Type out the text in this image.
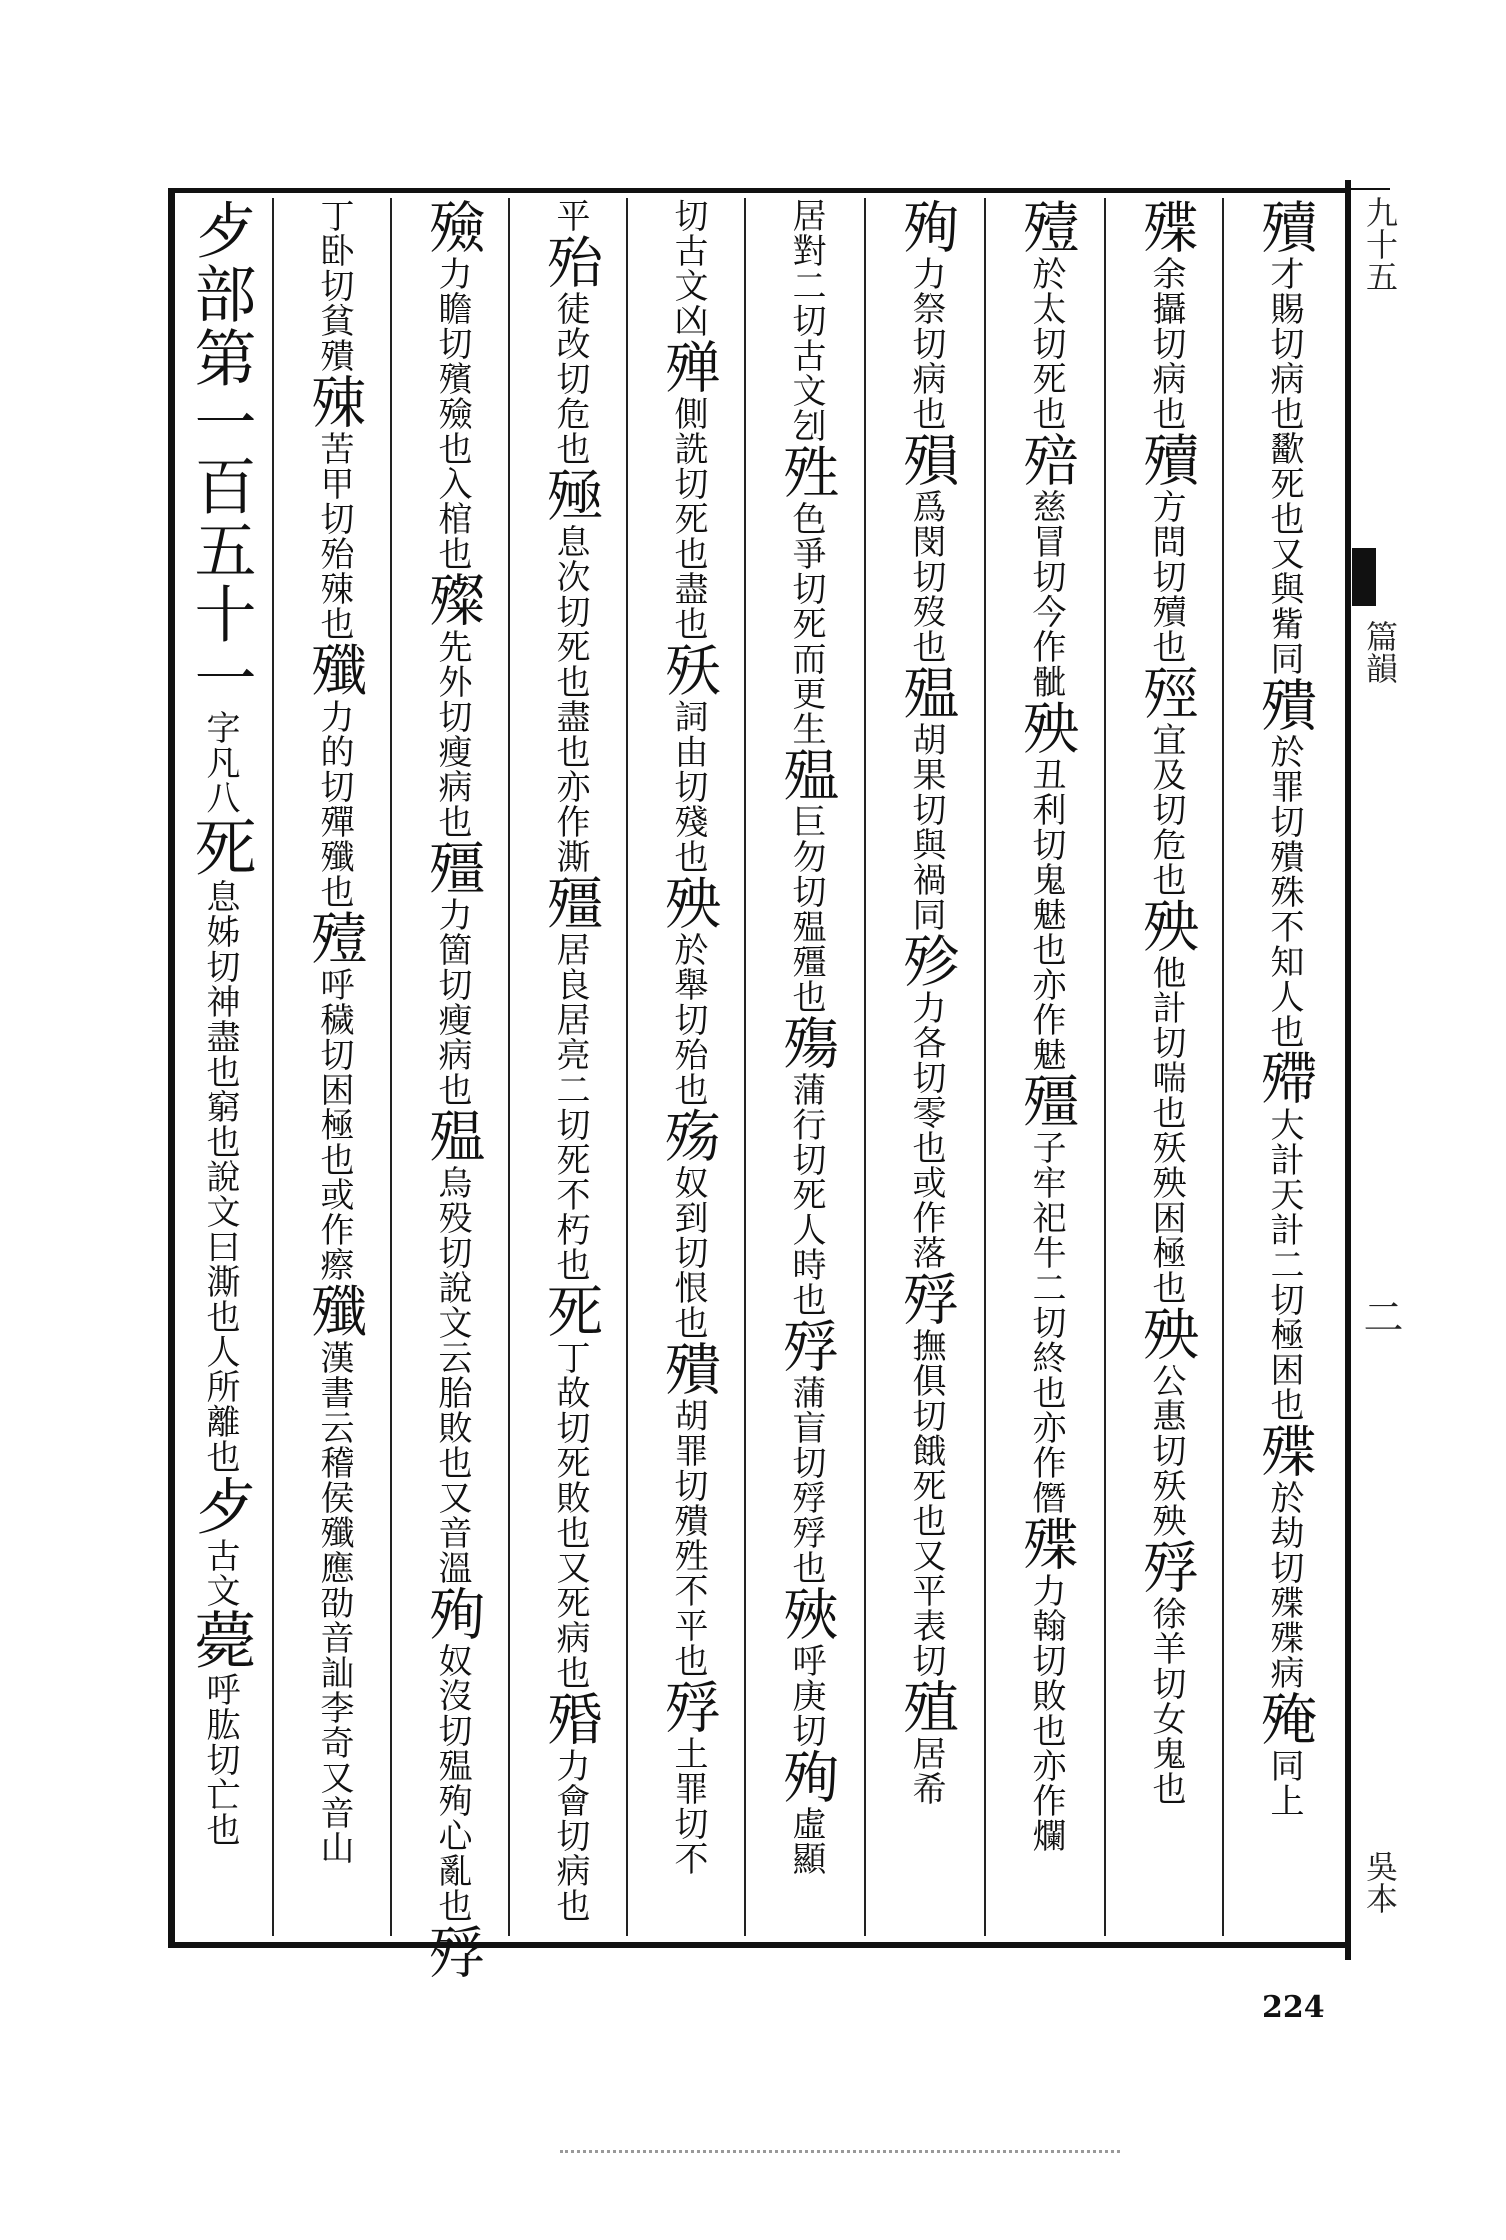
九十五
篇韻
二
吳本
殰才賜切病也歠死也又與觜同殨於罪切殨殊不知人也殢大計天計二切極困也殜於劫切殜殜病殗同上
殜余攝切病也殰方問切殰也殌宜及切危也殃他計切喘也殀殃困極也殃公惠切殀殃殍徐羊切女鬼也
殪於太切死也殕慈冒切今作骴殃丑利切鬼魅也亦作魅殭子牢祀牛二切終也亦作僭殜力翰切敗也亦作爛
殉力祭切病也殞爲閔切歿也殟胡果切與禍同殄力各切零也或作落殍撫俱切餓死也又平表切殖居希
居對二切古文刉殅色爭切死而更生殟巨勿切殟殭也殤蒲行切死人時也殍蒲盲切殍殍也殎呼庚切殉虛顯
切古文凶殚側詵切死也盡也殀詞由切殘也殃於舉切殆也殇奴到切恨也殨胡罪切殨殅不平也殍土罪切不
平殆徒改切危也殛息次切死也盡也亦作澌殭居良居亮二切死不朽也死丁故切死敗也又死病也殙力會切病也
殮力瞻切殯殮也入棺也殩先外切瘦病也殭力箇切瘦病也殟烏殁切說文云胎敗也又音溫殉奴沒切殟殉心亂也殍
丁卧切貧殨殐苦甲切殆殐也殲力的切殫殲也殪呼穢切困極也或作瘵殲漢書云稽侯殲應劭音訕李奇又音山
歺部第一百五十一字凡八死息姊切神盡也窮也說文曰澌也人所離也歺古文薨呼肱切亡也
224
